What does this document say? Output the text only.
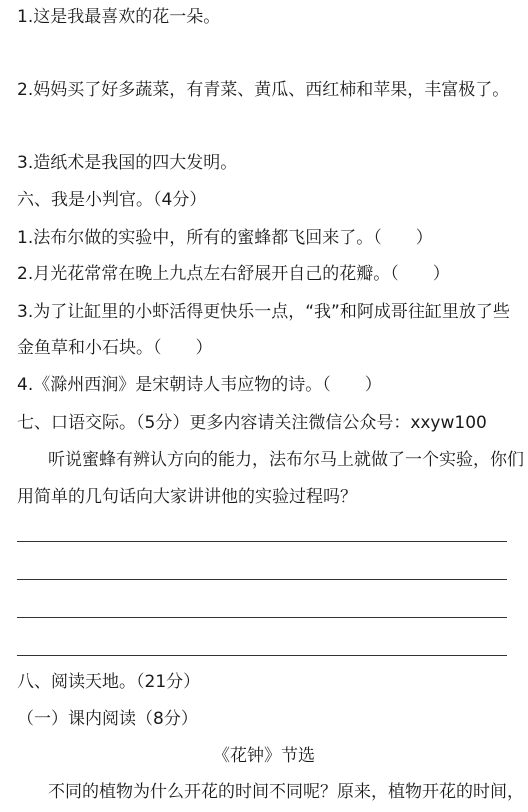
1.这是我最喜欢的花一朵。
2.妈妈买了好多蔬菜，有青菜、黄瓜、西红柿和苹果，丰富极了。
3.造纸术是我国的四大发明。
六、我是小判官。（4分）
1.法布尔做的实验中，所有的蜜蜂都飞回来了。（　　）
2.月光花常常在晚上九点左右舒展开自己的花瓣。（　　）
3.为了让缸里的小虾活得更快乐一点，“我”和阿成哥往缸里放了些
金鱼草和小石块。（　　）
4.《滁州西涧》是宋朝诗人韦应物的诗。（　　）
七、口语交际。（5分）更多内容请关注微信公众号：xxyw100
听说蜜蜂有辨认方向的能力，法布尔马上就做了一个实验，你们
用简单的几句话向大家讲讲他的实验过程吗？
八、阅读天地。（21分）
（一）课内阅读（8分）
《花钟》节选
不同的植物为什么开花的时间不同呢？原来，植物开花的时间，
